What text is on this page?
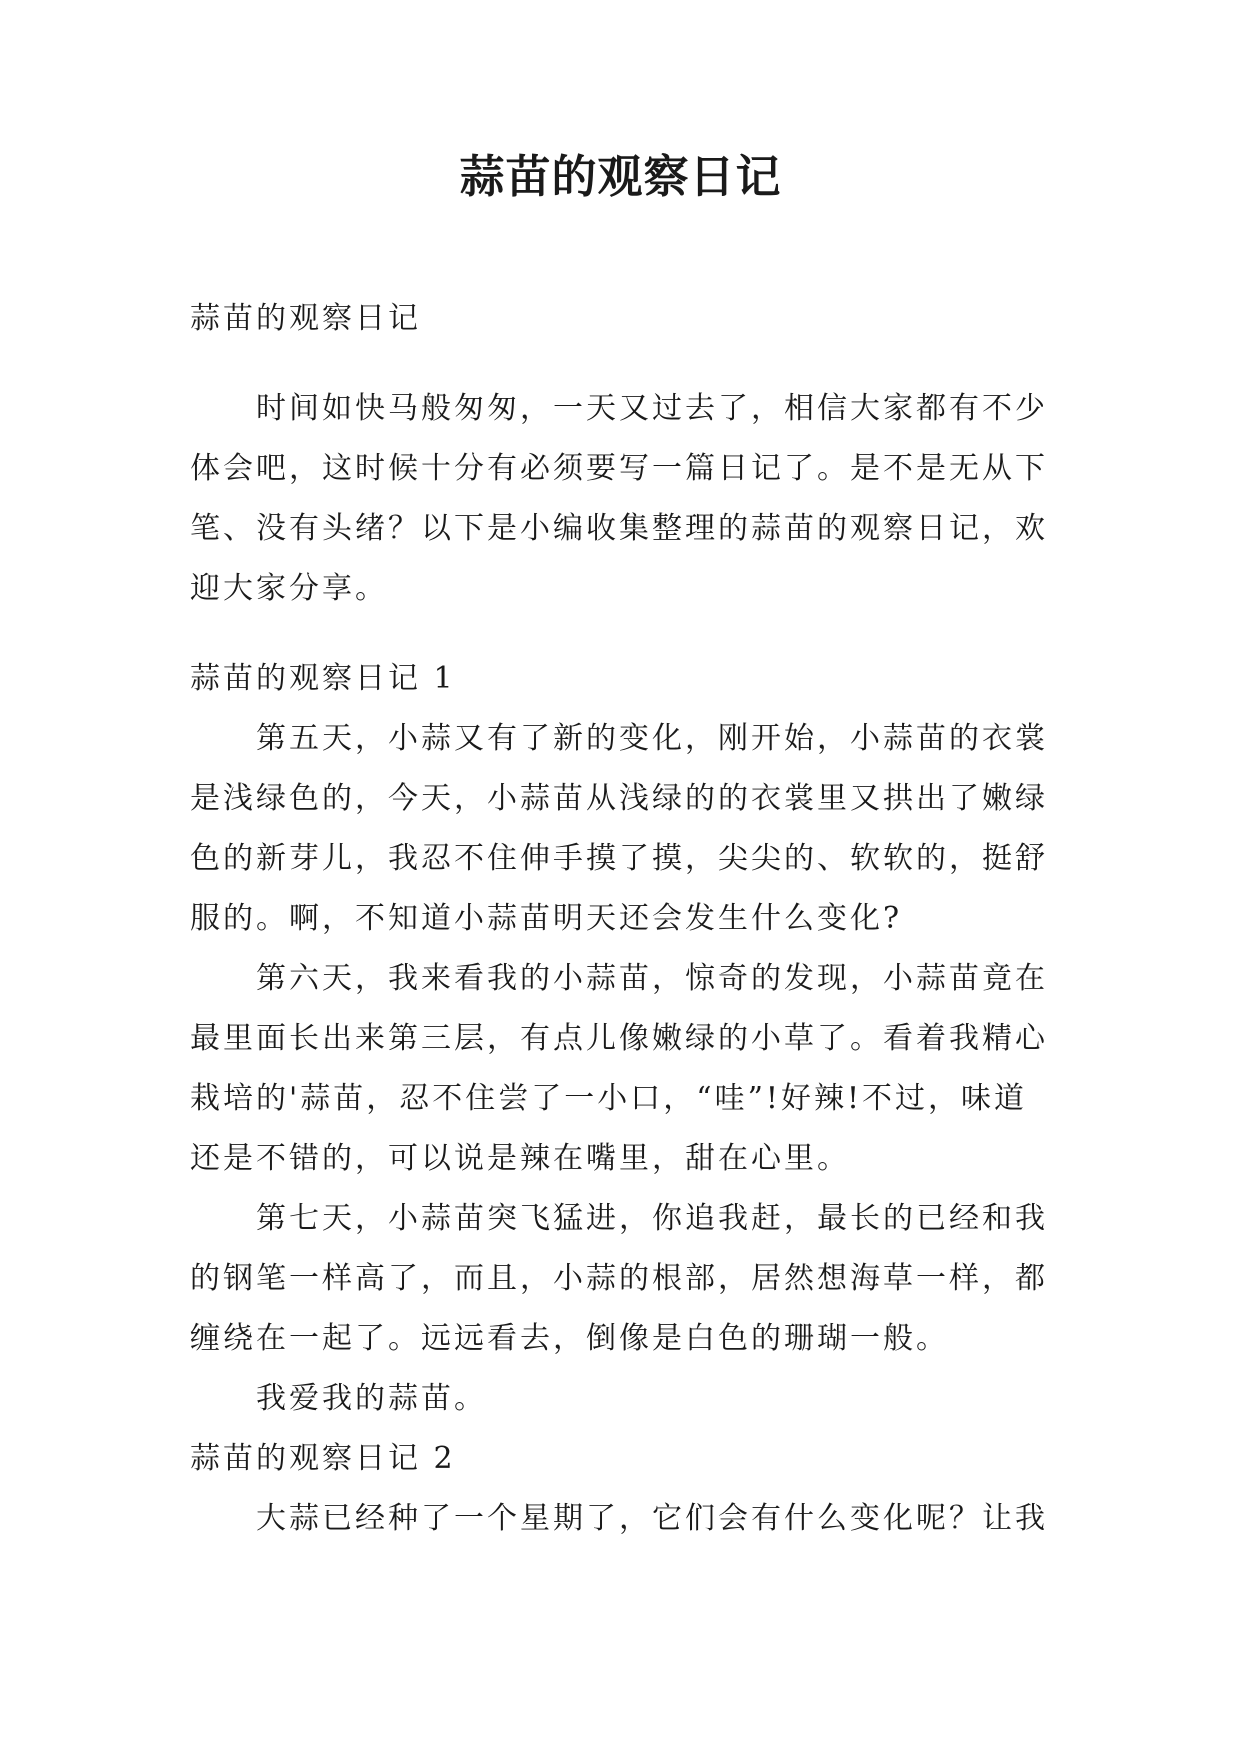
蒜苗的观察日记
蒜苗的观察日记
时间如快马般匆匆，一天又过去了，相信大家都有不少
体会吧，这时候十分有必须要写一篇日记了。是不是无从下
笔、没有头绪？以下是小编收集整理的蒜苗的观察日记，欢
迎大家分享。
蒜苗的观察日记 1
第五天，小蒜又有了新的变化，刚开始，小蒜苗的衣裳
是浅绿色的，今天，小蒜苗从浅绿的的衣裳里又拱出了嫩绿
色的新芽儿，我忍不住伸手摸了摸，尖尖的、软软的，挺舒
服的。啊，不知道小蒜苗明天还会发生什么变化?
第六天，我来看我的小蒜苗，惊奇的发现，小蒜苗竟在
最里面长出来第三层，有点儿像嫩绿的小草了。看着我精心
栽培的'蒜苗，忍不住尝了一小口，“哇”!好辣!不过，味道
还是不错的，可以说是辣在嘴里，甜在心里。
第七天，小蒜苗突飞猛进，你追我赶，最长的已经和我
的钢笔一样高了，而且，小蒜的根部，居然想海草一样，都
缠绕在一起了。远远看去，倒像是白色的珊瑚一般。
我爱我的蒜苗。
蒜苗的观察日记 2
大蒜已经种了一个星期了，它们会有什么变化呢？让我
